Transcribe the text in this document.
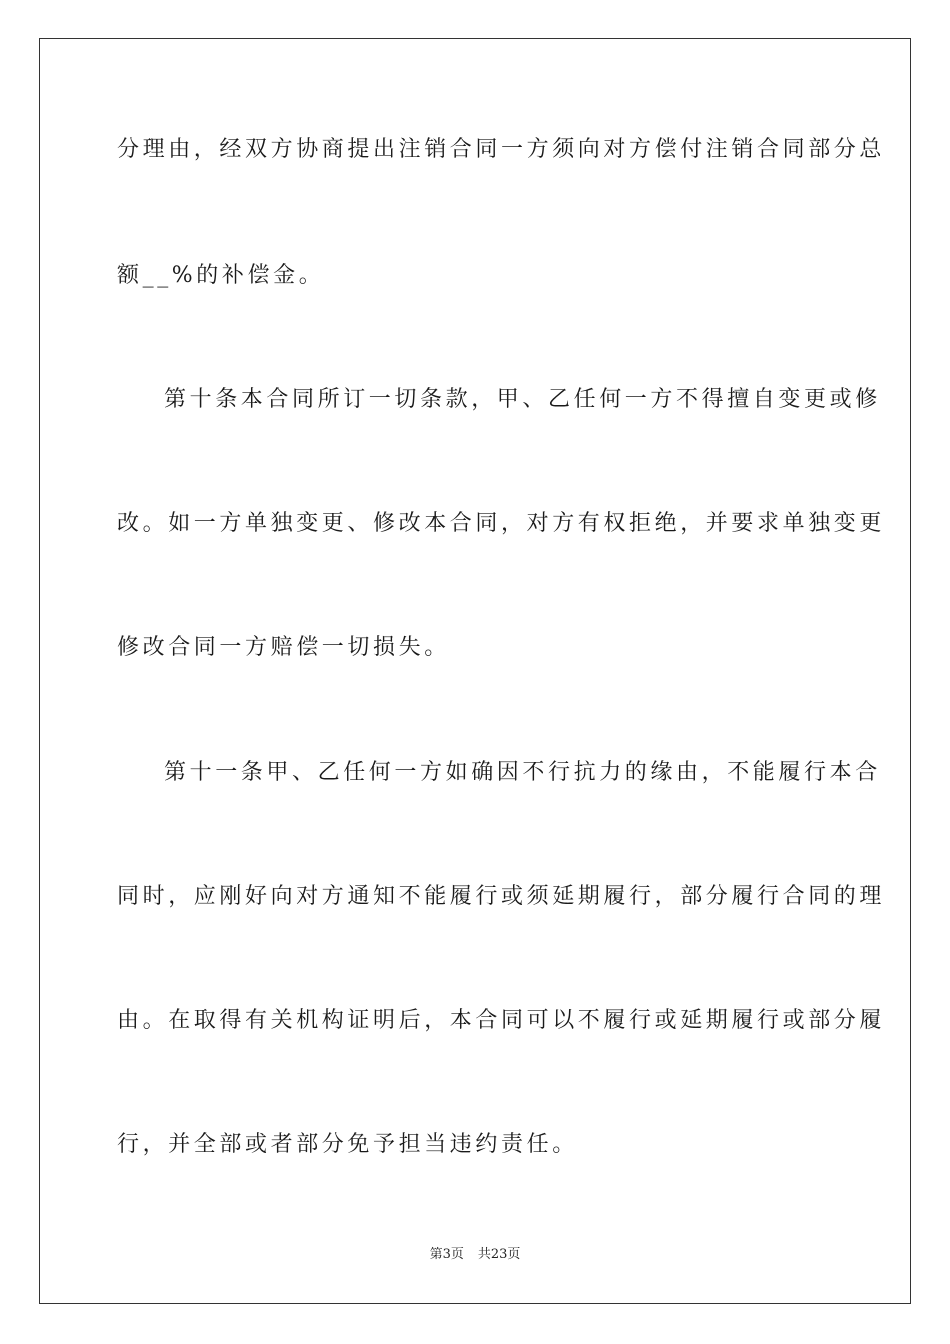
分理由，经双方协商提出注销合同一方须向对方偿付注销合同部分总
额__%的补偿金。
第十条本合同所订一切条款，甲、乙任何一方不得擅自变更或修
改。如一方单独变更、修改本合同，对方有权拒绝，并要求单独变更
修改合同一方赔偿一切损失。
第十一条甲、乙任何一方如确因不行抗力的缘由，不能履行本合
同时，应刚好向对方通知不能履行或须延期履行，部分履行合同的理
由。在取得有关机构证明后，本合同可以不履行或延期履行或部分履
行，并全部或者部分免予担当违约责任。
第3页 共23页
